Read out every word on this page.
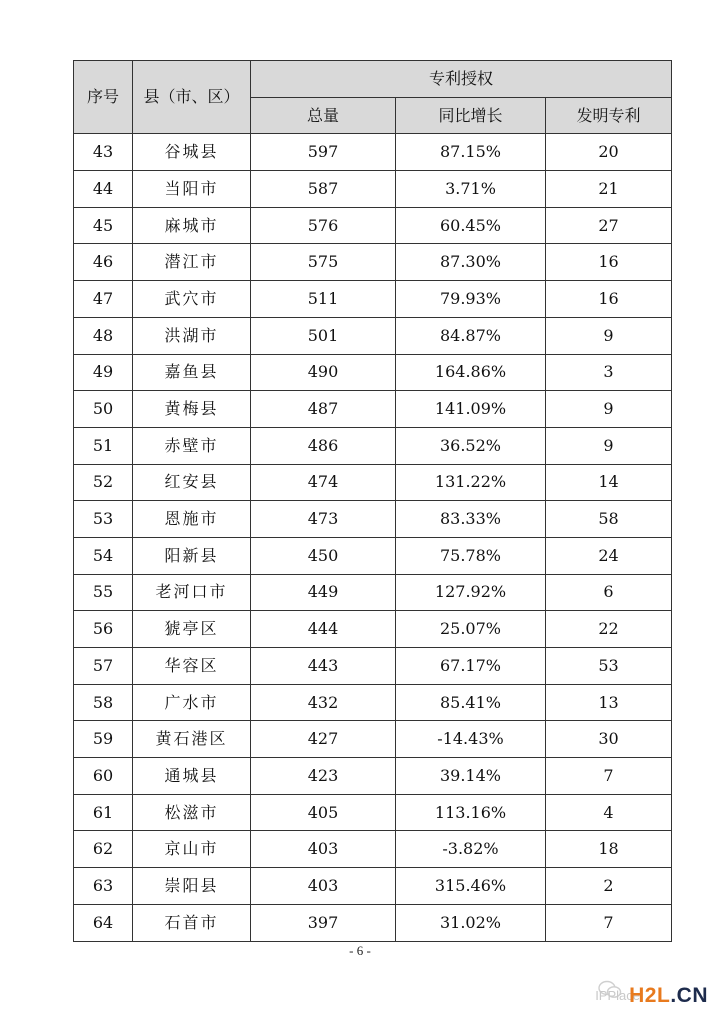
序号	县（市、区）	专利授权		
		总量	同比增长	发明专利
43	谷城县	597	87.15%	20
44	当阳市	587	3.71%	21
45	麻城市	576	60.45%	27
46	潜江市	575	87.30%	16
47	武穴市	511	79.93%	16
48	洪湖市	501	84.87%	9
49	嘉鱼县	490	164.86%	3
50	黄梅县	487	141.09%	9
51	赤壁市	486	36.52%	9
52	红安县	474	131.22%	14
53	恩施市	473	83.33%	58
54	阳新县	450	75.78%	24
55	老河口市	449	127.92%	6
56	猇亭区	444	25.07%	22
57	华容区	443	67.17%	53
58	广水市	432	85.41%	13
59	黄石港区	427	-14.43%	30
60	通城县	423	39.14%	7
61	松滋市	405	113.16%	4
62	京山市	403	-3.82%	18
63	崇阳县	403	315.46%	2
64	石首市	397	31.02%	7
- 6 -
IPPlace
H2L.CN
